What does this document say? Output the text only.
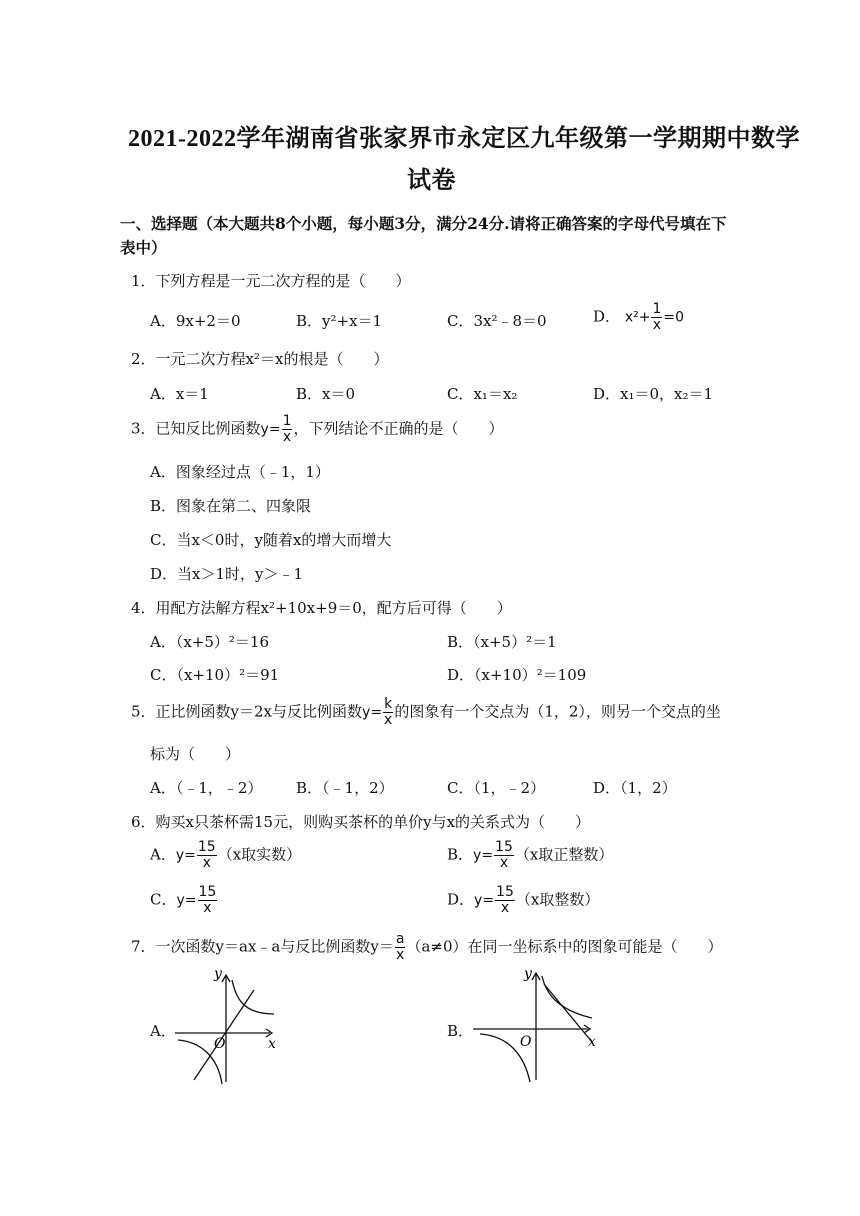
2021-2022学年湖南省张家界市永定区九年级第一学期期中数学
试卷
一、选择题（本大题共8个小题，每小题3分，满分24分.请将正确答案的字母代号填在下
表中）
1．下列方程是一元二次方程的是（　　）
A．9x+2＝0	B．y²+x＝1	C．3x²﹣8＝0	D． $x^2+ \frac{1}{x} =0$
2．一元二次方程x²＝x的根是（　　）
A．x＝1	B．x＝0	C．x₁＝x₂	D．x₁＝0，x₂＝1
3．已知反比例函数$y= \frac{1}{x}$ ，下列结论不正确的是（　　）
A．图象经过点（﹣1，1）
B．图象在第二、四象限
C．当x＜0时，y随着x的增大而增大
D．当x＞1时，y＞﹣1
4．用配方法解方程x²+10x+9＝0，配方后可得（　　）
A．（x+5）²＝16	B．（x+5）²＝1
C．（x+10）²＝91	D．（x+10）²＝109
5．正比例函数y＝2x与反比例函数$y= \frac{k}{x}$ 的图象有一个交点为（1，2），则另一个交点的坐
标为（　　）
A．（﹣1，﹣2） B．（﹣1，2）	C．（1，﹣2）	D．（1，2）
6．购买x只茶杯需15元，则购买茶杯的单价y与x的关系式为（　　）
A．$y= \frac{15}{x} (x$取实数）	B．$y= \frac{15}{x} (x$取正整数）
C．$y= \frac{15}{x}$	D．$y= \frac{15}{x} (x$取整数）
7．一次函数y＝ax﹣a与反比例函数$y= \frac{a}{x} (a\ne 0)$在同一坐标系中的图象可能是（　　）
A．	B．
y
x
O
y
x
O
